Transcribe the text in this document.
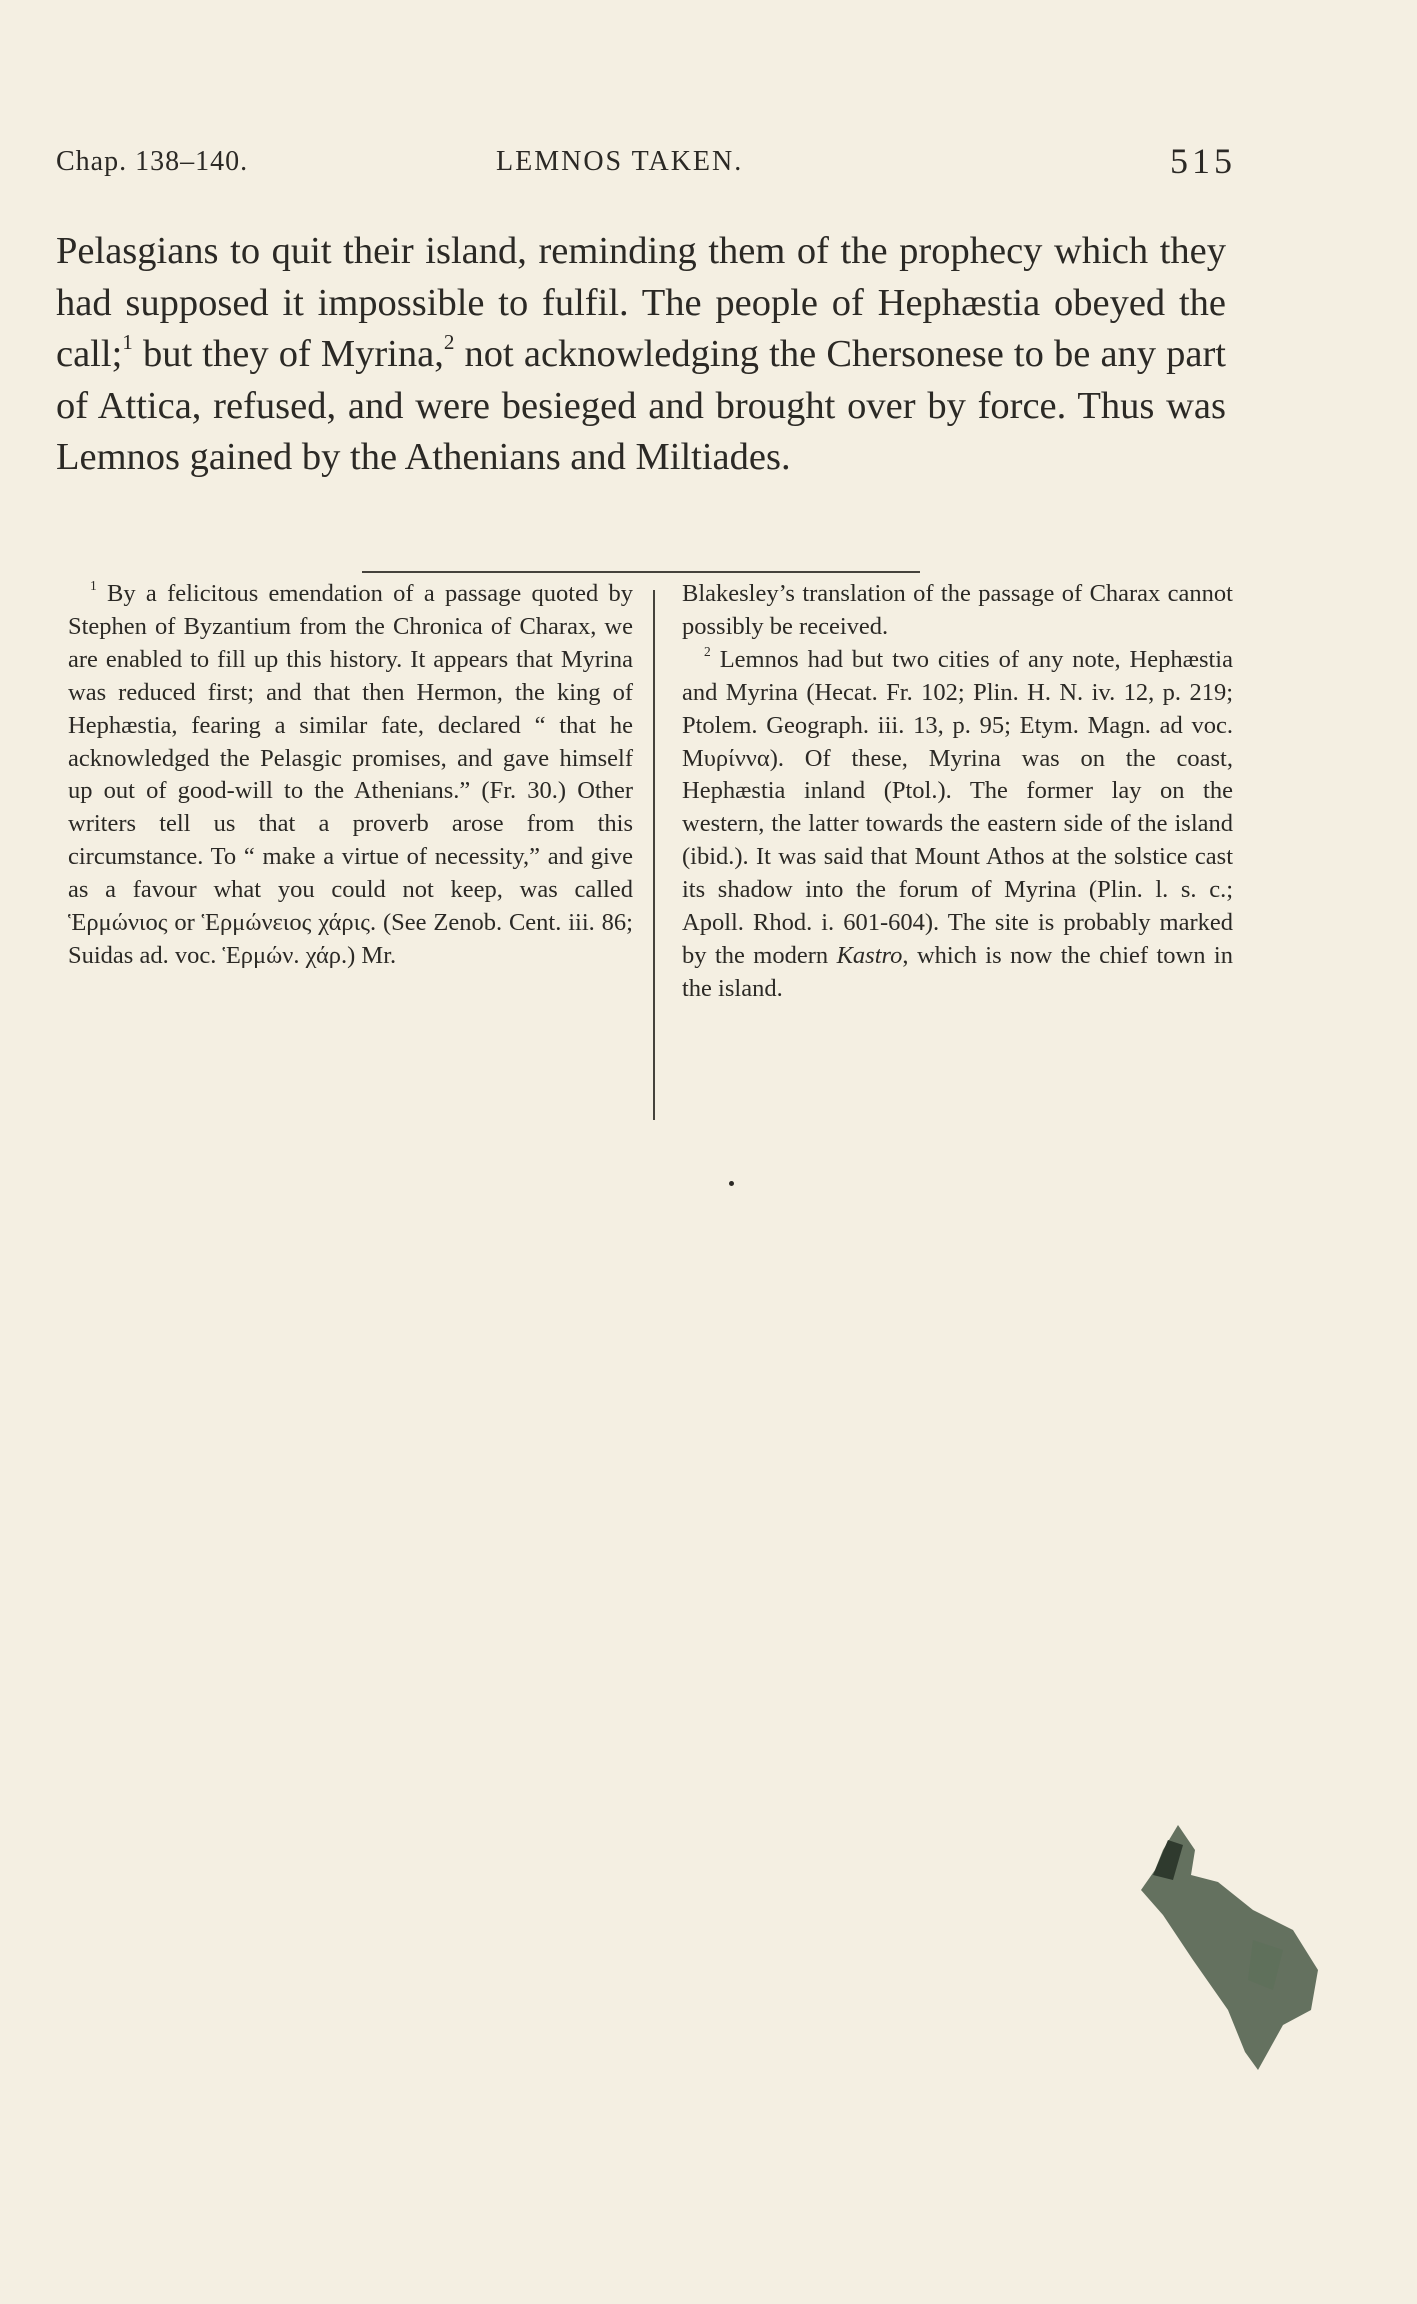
Chap. 138–140.	LEMNOS TAKEN.	515

Pelasgians to quit their island, reminding them of the prophecy which they had supposed it impossible to fulfil. The people of Hephæstia obeyed the call;$^1$ but they of Myrina,$^2$ not acknowledging the Chersonese to be any part of Attica, refused, and were besieged and brought over by force. Thus was Lemnos gained by the Athenians and Miltiades.

$^1$ By a felicitous emendation of a passage quoted by Stephen of Byzantium from the Chronica of Charax, we are enabled to fill up this history. It appears that Myrina was reduced first; and that then Hermon, the king of Hephæstia, fearing a similar fate, declared “ that he acknowledged the Pelasgic promises, and gave himself up out of good-will to the Athenians.” (Fr. 30.) Other writers tell us that a proverb arose from this circumstance. To “ make a virtue of necessity,” and give as a favour what you could not keep, was called Ἑρμώνιος or Ἑρμώνειος χάρις. (See Zenob. Cent. iii. 86; Suidas ad. voc. Ἑρμών. χάρ.) Mr.

Blakesley’s translation of the passage of Charax cannot possibly be received.

$^2$ Lemnos had but two cities of any note, Hephæstia and Myrina (Hecat. Fr. 102; Plin. H. N. iv. 12, p. 219; Ptolem. Geograph. iii. 13, p. 95; Etym. Magn. ad voc. Μυρίννα). Of these, Myrina was on the coast, Hephæstia inland (Ptol.). The former lay on the western, the latter towards the eastern side of the island (ibid.). It was said that Mount Athos at the solstice cast its shadow into the forum of Myrina (Plin. l. s. c.; Apoll. Rhod. i. 601-604). The site is probably marked by the modern Kastro, which is now the chief town in the island.
